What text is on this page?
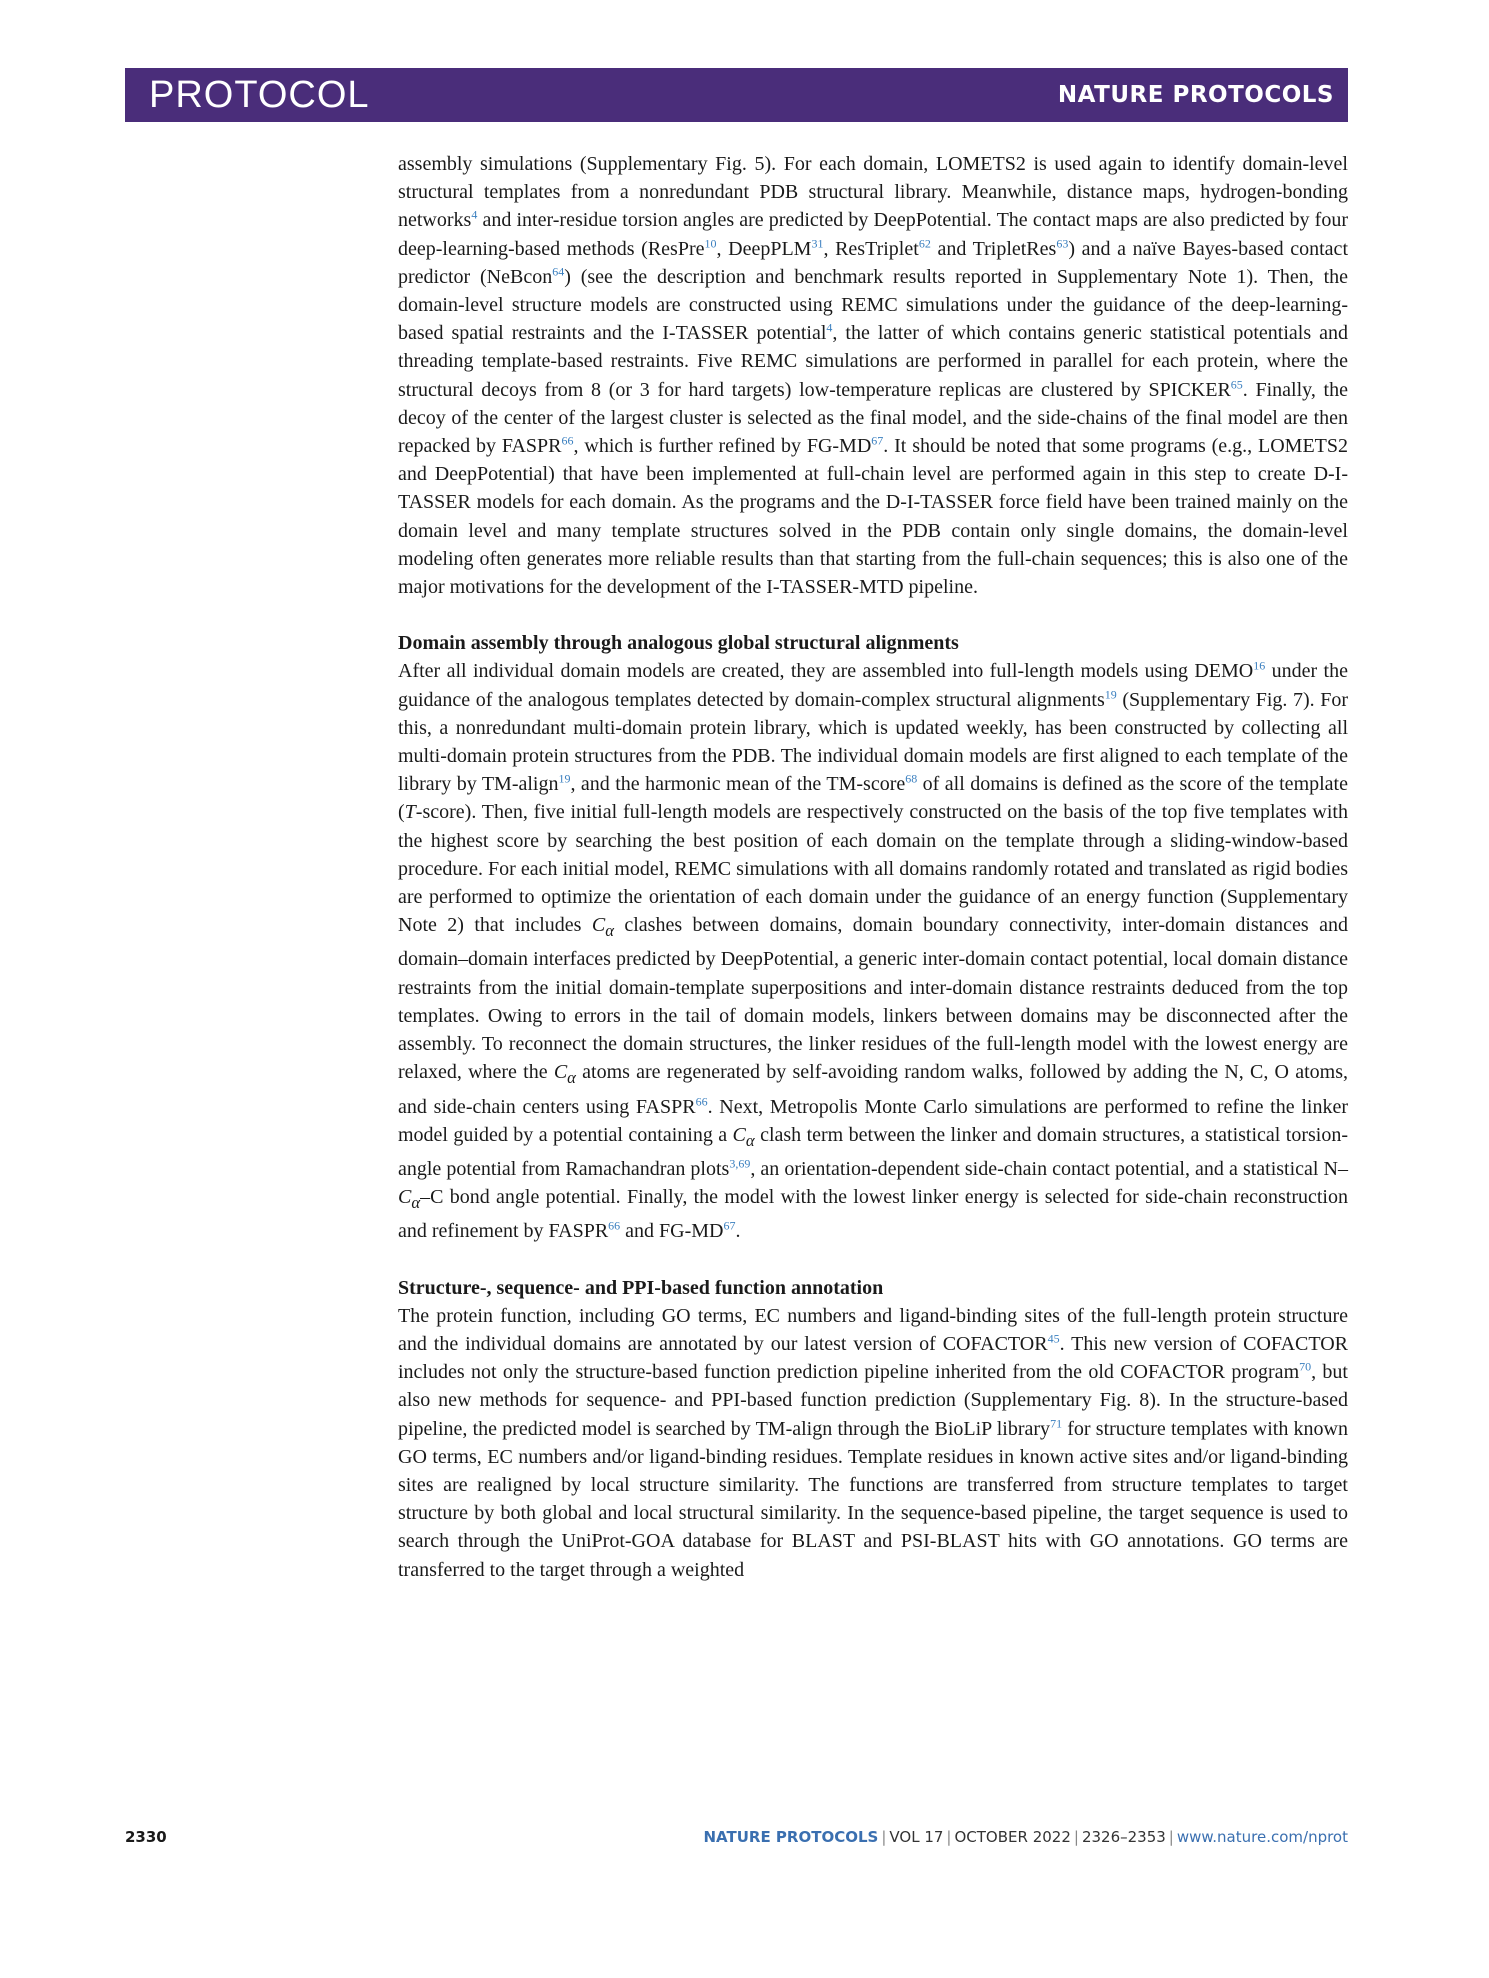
PROTOCOL	NATURE PROTOCOLS

assembly simulations (Supplementary Fig. 5). For each domain, LOMETS2 is used again to identify domain-level structural templates from a nonredundant PDB structural library. Meanwhile, distance maps, hydrogen-bonding networks$^4$ and inter-residue torsion angles are predicted by DeepPotential. The contact maps are also predicted by four deep-learning-based methods (ResPre$^{10}$, DeepPLM$^{31}$, ResTriplet$^{62}$ and TripletRes$^{63}$) and a naïve Bayes-based contact predictor (NeBcon$^{64}$) (see the description and benchmark results reported in Supplementary Note 1). Then, the domain-level structure models are constructed using REMC simulations under the guidance of the deep-learning-based spatial restraints and the I-TASSER potential$^4$, the latter of which contains generic statistical potentials and threading template-based restraints. Five REMC simulations are performed in parallel for each protein, where the structural decoys from 8 (or 3 for hard targets) low-temperature replicas are clustered by SPICKER$^{65}$. Finally, the decoy of the center of the largest cluster is selected as the final model, and the side-chains of the final model are then repacked by FASPR$^{66}$, which is further refined by FG-MD$^{67}$. It should be noted that some programs (e.g., LOMETS2 and DeepPotential) that have been implemented at full-chain level are performed again in this step to create D-I-TASSER models for each domain. As the programs and the D-I-TASSER force field have been trained mainly on the domain level and many template structures solved in the PDB contain only single domains, the domain-level modeling often generates more reliable results than that starting from the full-chain sequences; this is also one of the major motivations for the development of the I-TASSER-MTD pipeline.

Domain assembly through analogous global structural alignments

After all individual domain models are created, they are assembled into full-length models using DEMO$^{16}$ under the guidance of the analogous templates detected by domain-complex structural alignments$^{19}$ (Supplementary Fig. 7). For this, a nonredundant multi-domain protein library, which is updated weekly, has been constructed by collecting all multi-domain protein structures from the PDB. The individual domain models are first aligned to each template of the library by TM-align$^{19}$, and the harmonic mean of the TM-score$^{68}$ of all domains is defined as the score of the template (T-score). Then, five initial full-length models are respectively constructed on the basis of the top five templates with the highest score by searching the best position of each domain on the template through a sliding-window-based procedure. For each initial model, REMC simulations with all domains randomly rotated and translated as rigid bodies are performed to optimize the orientation of each domain under the guidance of an energy function (Supplementary Note 2) that includes $C_\alpha$ clashes between domains, domain boundary connectivity, inter-domain distances and domain–domain interfaces predicted by DeepPotential, a generic inter-domain contact potential, local domain distance restraints from the initial domain-template superpositions and inter-domain distance restraints deduced from the top templates. Owing to errors in the tail of domain models, linkers between domains may be disconnected after the assembly. To reconnect the domain structures, the linker residues of the full-length model with the lowest energy are relaxed, where the $C_\alpha$ atoms are regenerated by self-avoiding random walks, followed by adding the N, C, O atoms, and side-chain centers using FASPR$^{66}$. Next, Metropolis Monte Carlo simulations are performed to refine the linker model guided by a potential containing a $C_\alpha$ clash term between the linker and domain structures, a statistical torsion-angle potential from Ramachandran plots$^{3,69}$, an orientation-dependent side-chain contact potential, and a statistical $N-C_\alpha-C$ bond angle potential. Finally, the model with the lowest linker energy is selected for side-chain reconstruction and refinement by FASPR$^{66}$ and FG-MD$^{67}$.

Structure-, sequence- and PPI-based function annotation

The protein function, including GO terms, EC numbers and ligand-binding sites of the full-length protein structure and the individual domains are annotated by our latest version of COFACTOR$^{45}$. This new version of COFACTOR includes not only the structure-based function prediction pipeline inherited from the old COFACTOR program$^{70}$, but also new methods for sequence- and PPI-based function prediction (Supplementary Fig. 8). In the structure-based pipeline, the predicted model is searched by TM-align through the BioLiP library$^{71}$ for structure templates with known GO terms, EC numbers and/or ligand-binding residues. Template residues in known active sites and/or ligand-binding sites are realigned by local structure similarity. The functions are transferred from structure templates to target structure by both global and local structural similarity. In the sequence-based pipeline, the target sequence is used to search through the UniProt-GOA database for BLAST and PSI-BLAST hits with GO annotations. GO terms are transferred to the target through a weighted

2330	NATURE PROTOCOLS | VOL 17 | OCTOBER 2022 | 2326–2353 | www.nature.com/nprot
